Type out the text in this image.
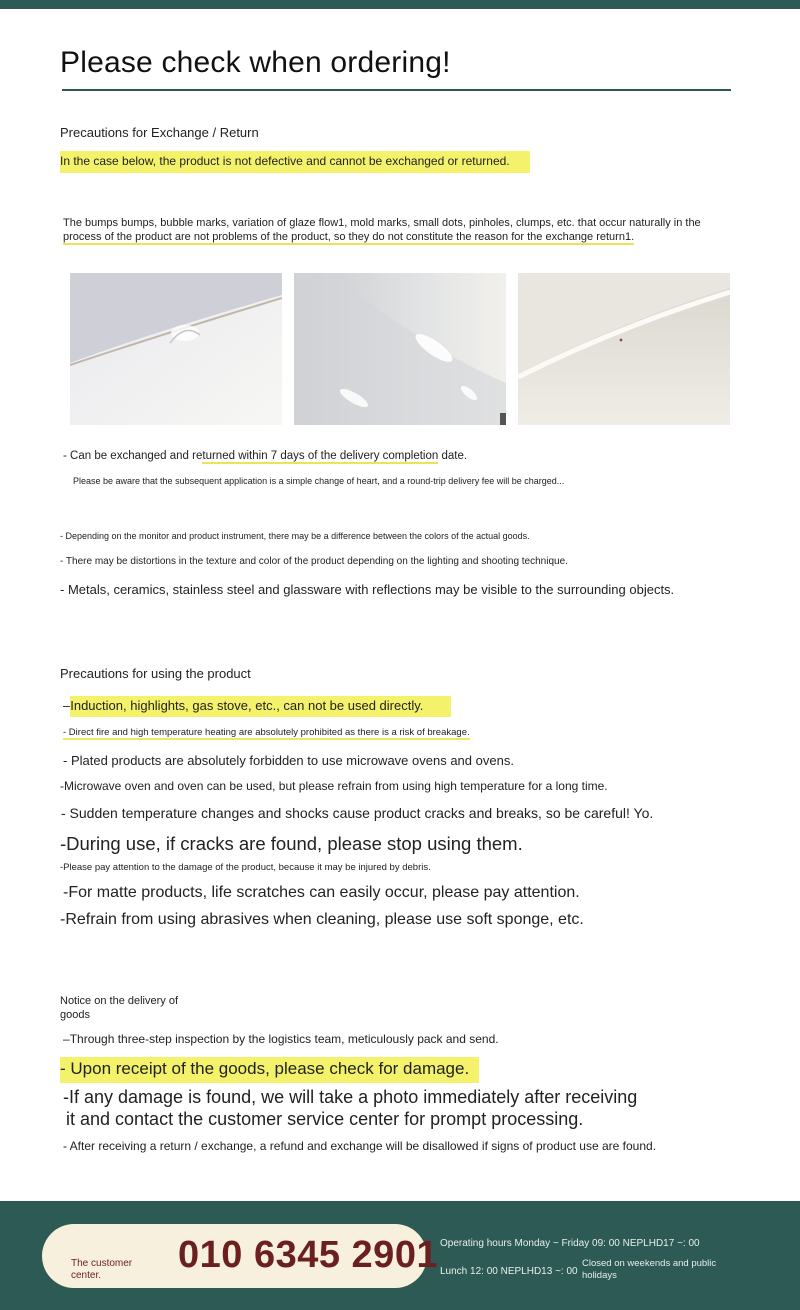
Please check when ordering!
Precautions for Exchange / Return
In the case below, the product is not defective and cannot be exchanged or returned.
The bumps bumps, bubble marks, variation of glaze flow1, mold marks, small dots, pinholes, clumps, etc. that occur naturally in the
process of the product are not problems of the product, so they do not constitute the reason for the exchange return1.
- Can be exchanged and returned within 7 days of the delivery completion date.
Please be aware that the subsequent application is a simple change of heart, and a round-trip delivery fee will be charged...
- Depending on the monitor and product instrument, there may be a difference between the colors of the actual goods.
- There may be distortions in the texture and color of the product depending on the lighting and shooting technique.
- Metals, ceramics, stainless steel and glassware with reflections may be visible to the surrounding objects.
Precautions for using the product
–Induction, highlights, gas stove, etc., can not be used directly.
- Direct fire and high temperature heating are absolutely prohibited as there is a risk of breakage.
- Plated products are absolutely forbidden to use microwave ovens and ovens.
-Microwave oven and oven can be used, but please refrain from using high temperature for a long time.
- Sudden temperature changes and shocks cause product cracks and breaks, so be careful! Yo.
-During use, if cracks are found, please stop using them.
-Please pay attention to the damage of the product, because it may be injured by debris.
-For matte products, life scratches can easily occur, please pay attention.
-Refrain from using abrasives when cleaning, please use soft sponge, etc.
Notice on the delivery of
goods
–Through three-step inspection by the logistics team, meticulously pack and send.
- Upon receipt of the goods, please check for damage.
-If any damage is found, we will take a photo immediately after receiving
it and contact the customer service center for prompt processing.
- After receiving a return / exchange, a refund and exchange will be disallowed if signs of product use are found.
The customer
center. 010 6345 2901 Operating hours Monday ~ Friday 09: 00 NEPLHD17 ~: 00
Lunch 12: 00 NEPLHD13 ~: 00
Closed on weekends and public
holidays
